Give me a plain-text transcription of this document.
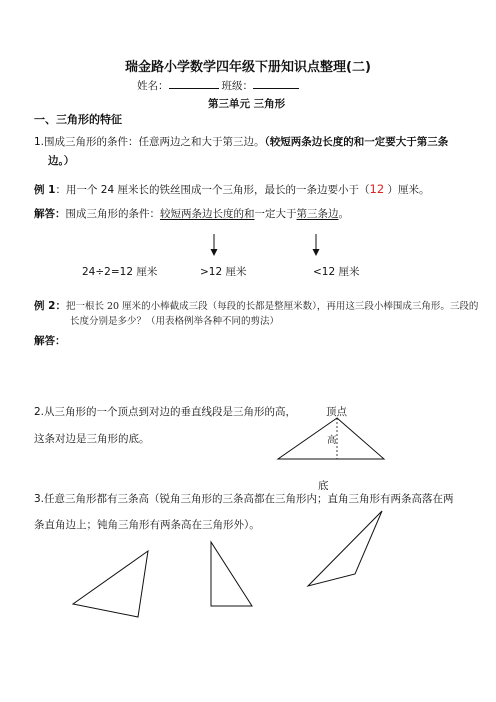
瑞金路小学数学四年级下册知识点整理(二)
姓名：	班级：
第三单元 三角形
一、三角形的特征
1.围成三角形的条件：任意两边之和大于第三边。（较短两条边长度的和一定要大于第三条
边。）
例 1：用一个 24 厘米长的铁丝围成一个三角形，最长的一条边要小于（12 ）厘米。
解答：围成三角形的条件：较短两条边长度的和一定大于第三条边。
24÷2=12 厘米	>12 厘米	<12 厘米
例 2：把一根长 20 厘米的小棒截成三段（每段的长都是整厘米数），再用这三段小棒围成三角形。三段的
长度分别是多少？（用表格例举各种不同的剪法）
解答：
2.从三角形的一个顶点到对边的垂直线段是三角形的高，
这条对边是三角形的底。
顶点
高
底
3.任意三角形都有三条高（锐角三角形的三条高都在三角形内；直角三角形有两条高落在两
条直角边上；钝角三角形有两条高在三角形外）。
